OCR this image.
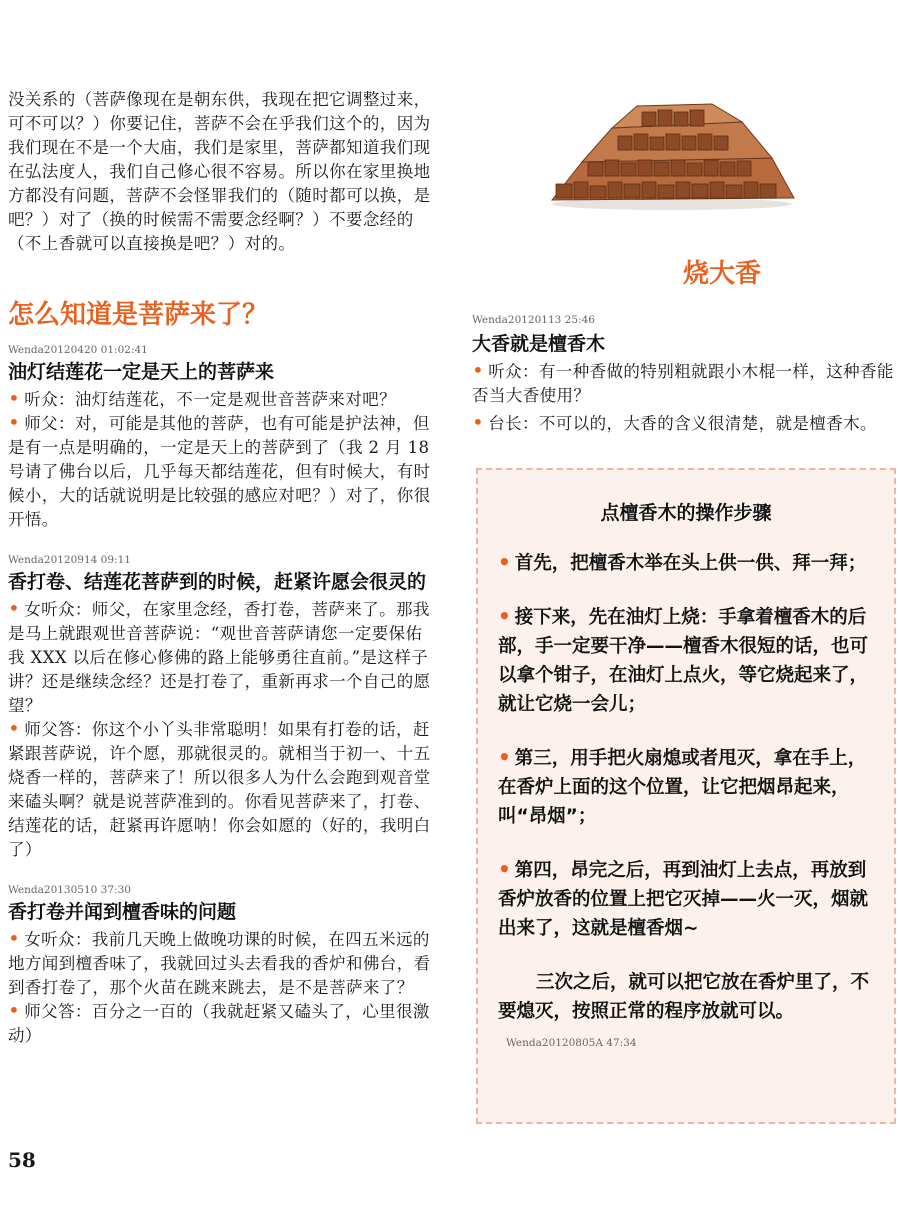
没关系的（菩萨像现在是朝东供，我现在把它调整过来，可不可以？）你要记住，菩萨不会在乎我们这个的，因为我们现在不是一个大庙，我们是家里，菩萨都知道我们现在弘法度人，我们自己修心很不容易。所以你在家里换地方都没有问题，菩萨不会怪罪我们的（随时都可以换，是吧？）对了（换的时候需不需要念经啊？）不要念经的（不上香就可以直接换是吧？）对的。

怎么知道是菩萨来了？
Wenda20120420 01:02:41
油灯结莲花一定是天上的菩萨来

• 听众：油灯结莲花，不一定是观世音菩萨来对吧？

• 师父：对，可能是其他的菩萨，也有可能是护法神，但是有一点是明确的，一定是天上的菩萨到了（我 2 月 18 号请了佛台以后，几乎每天都结莲花，但有时候大，有时候小，大的话就说明是比较强的感应对吧？）对了，你很开悟。

Wenda20120914 09:11
香打卷、结莲花菩萨到的时候，赶紧许愿会很灵的

• 女听众：师父，在家里念经，香打卷，菩萨来了。那我是马上就跟观世音菩萨说：“观世音菩萨请您一定要保佑我 XXX 以后在修心修佛的路上能够勇往直前。”是这样子讲？还是继续念经？还是打卷了，重新再求一个自己的愿望？

• 师父答：你这个小丫头非常聪明！如果有打卷的话，赶紧跟菩萨说，许个愿，那就很灵的。就相当于初一、十五烧香一样的，菩萨来了！所以很多人为什么会跑到观音堂来磕头啊？就是说菩萨准到的。你看见菩萨来了，打卷、结莲花的话，赶紧再许愿呐！你会如愿的（好的，我明白了）

Wenda20130510 37:30
香打卷并闻到檀香味的问题

• 女听众：我前几天晚上做晚功课的时候，在四五米远的地方闻到檀香味了，我就回过头去看我的香炉和佛台，看到香打卷了，那个火苗在跳来跳去，是不是菩萨来了？

• 师父答：百分之一百的（我就赶紧又磕头了，心里很激动）

58
烧大香
Wenda20120113 25:46
大香就是檀香木

• 听众：有一种香做的特别粗就跟小木棍一样，这种香能否当大香使用？

• 台长：不可以的，大香的含义很清楚，就是檀香木。

点檀香木的操作步骤

• 首先，把檀香木举在头上供一供、拜一拜；

• 接下来，先在油灯上烧：手拿着檀香木的后部，手一定要干净——檀香木很短的话，也可以拿个钳子，在油灯上点火，等它烧起来了，就让它烧一会儿；

• 第三，用手把火扇熄或者甩灭，拿在手上，在香炉上面的这个位置，让它把烟昂起来，叫“昂烟”；

• 第四，昂完之后，再到油灯上去点，再放到香炉放香的位置上把它灭掉——火一灭，烟就出来了，这就是檀香烟~

三次之后，就可以把它放在香炉里了，不要熄灭，按照正常的程序放就可以。Wenda20120805A 47:34
